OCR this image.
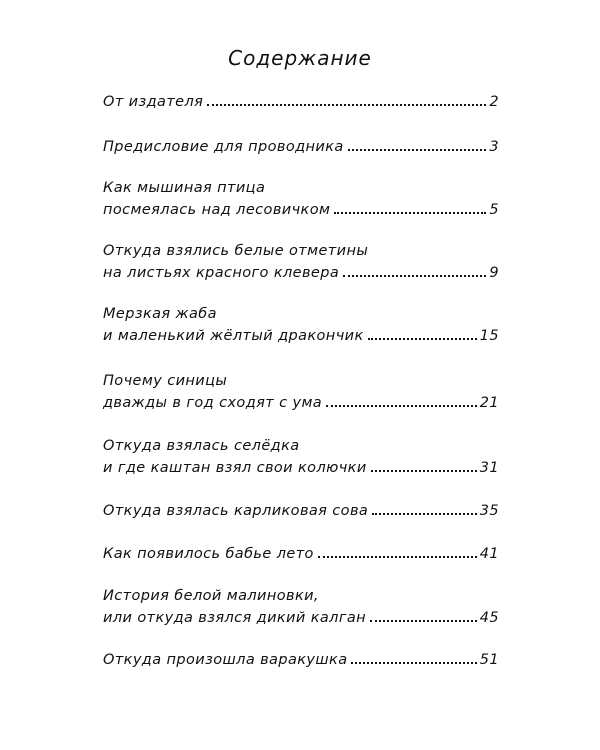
Содержание
От издателя	2
Предисловие для проводника	3
Как мышиная птица
посмеялась над лесовичком	5
Откуда взялись белые отметины
на листьях красного клевера	9
Мерзкая жаба
и маленький жёлтый дракончик	15
Почему синицы
дважды в год сходят с ума	21
Откуда взялась селёдка
и где каштан взял свои колючки	31
Откуда взялась карликовая сова	35
Как появилось бабье лето	41
История белой малиновки,
или откуда взялся дикий калган	45
Откуда произошла варакушка	51
